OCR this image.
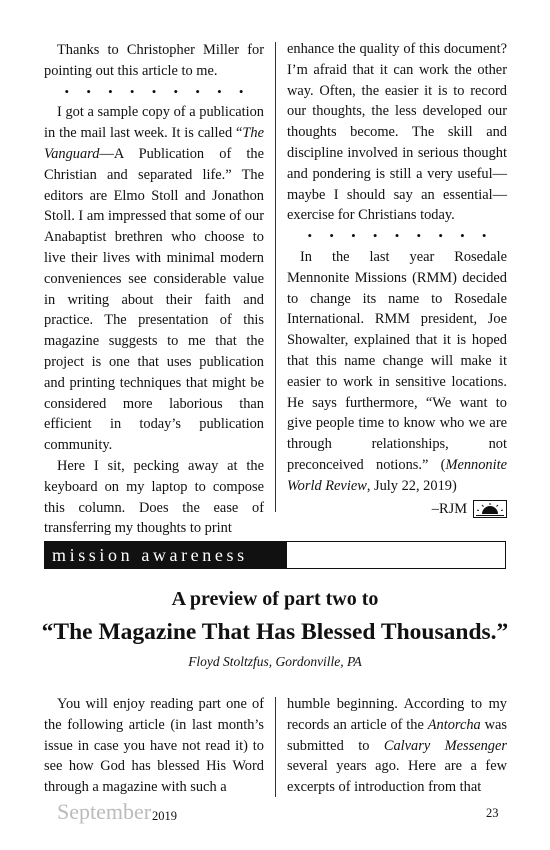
Thanks to Christopher Miller for pointing out this article to me.

• • • • • • • • •

I got a sample copy of a publication in the mail last week. It is called “The Vanguard—A Publication of the Christian and separated life.” The editors are Elmo Stoll and Jonathon Stoll. I am impressed that some of our Anabaptist brethren who choose to live their lives with minimal modern conveniences see considerable value in writing about their faith and practice. The presentation of this magazine suggests to me that the project is one that uses publication and printing techniques that might be considered more laborious than efficient in today’s publication community.

Here I sit, pecking away at the keyboard on my laptop to compose this column. Does the ease of transferring my thoughts to print

enhance the quality of this document? I’m afraid that it can work the other way. Often, the easier it is to record our thoughts, the less developed our thoughts become. The skill and discipline involved in serious thought and pondering is still a very useful—maybe I should say an essential—exercise for Christians today.

• • • • • • • • •

In the last year Rosedale Mennonite Missions (RMM) decided to change its name to Rosedale International. RMM president, Joe Showalter, explained that it is hoped that this name change will make it easier to work in sensitive locations. He says furthermore, “We want to give people time to know who we are through relationships, not preconceived notions.” (Mennonite World Review, July 22, 2019)

–RJM
mission awareness
A preview of part two to
“The Magazine That Has Blessed Thousands.”
Floyd Stoltzfus, Gordonville, PA

You will enjoy reading part one of the following article (in last month’s issue in case you have not read it) to see how God has blessed His Word through a magazine with such a

humble beginning. According to my records an article of the Antorcha was submitted to Calvary Messenger several years ago. Here are a few excerpts of introduction from that

September 2019	23
